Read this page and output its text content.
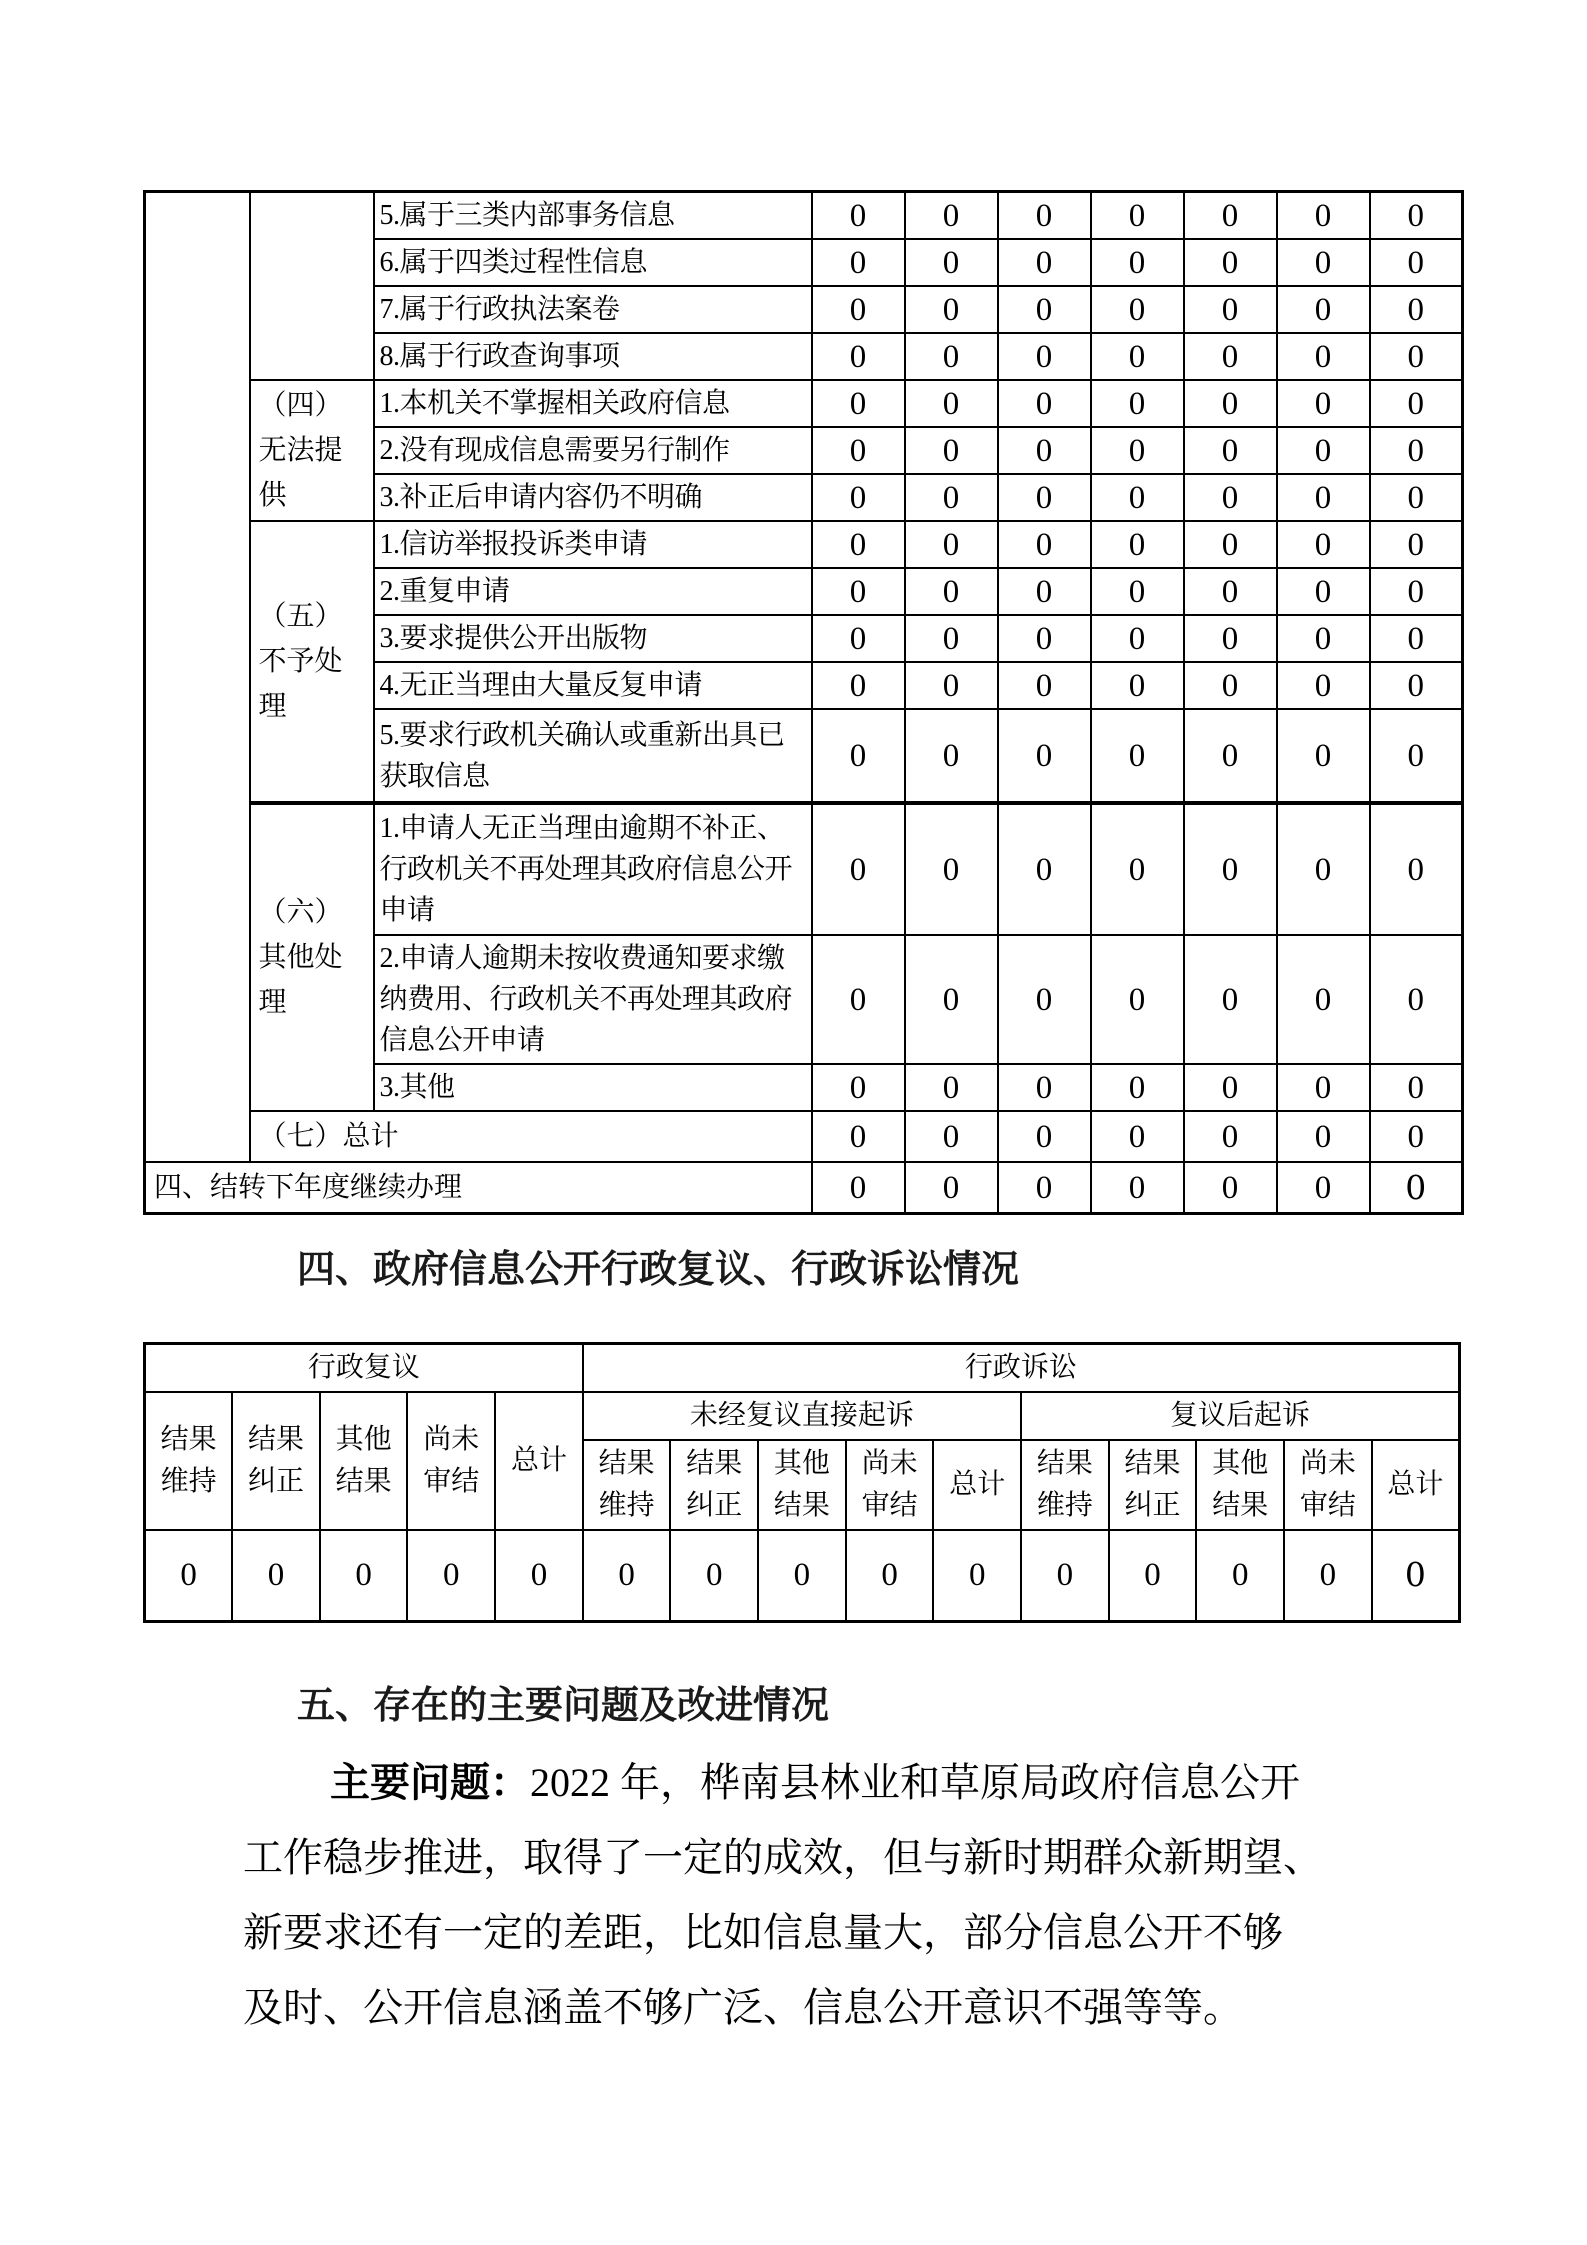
		5.属于三类内部事务信息	0	0	0	0	0	0	0
		6.属于四类过程性信息	0	0	0	0	0	0	0
		7.属于行政执法案卷	0	0	0	0	0	0	0
		8.属于行政查询事项	0	0	0	0	0	0	0
	（四）无法提供	1.本机关不掌握相关政府信息	0	0	0	0	0	0	0
		2.没有现成信息需要另行制作	0	0	0	0	0	0	0
		3.补正后申请内容仍不明确	0	0	0	0	0	0	0
	（五）不予处理	1.信访举报投诉类申请	0	0	0	0	0	0	0
		2.重复申请	0	0	0	0	0	0	0
		3.要求提供公开出版物	0	0	0	0	0	0	0
		4.无正当理由大量反复申请	0	0	0	0	0	0	0
		5.要求行政机关确认或重新出具已获取信息	0	0	0	0	0	0	0
	（六）其他处理	1.申请人无正当理由逾期不补正、行政机关不再处理其政府信息公开申请	0	0	0	0	0	0	0
		2.申请人逾期未按收费通知要求缴纳费用、行政机关不再处理其政府信息公开申请	0	0	0	0	0	0	0
		3.其他	0	0	0	0	0	0	0
	（七）总计		0	0	0	0	0	0	0
四、结转下年度继续办理			0	0	0	0	0	0	0
四、政府信息公开行政复议、行政诉讼情况
行政复议					行政诉讼									
结果维持	结果纠正	其他结果	尚未审结	总计	未经复议直接起诉					复议后起诉				
					结果维持	结果纠正	其他结果	尚未审结	总计	结果维持	结果纠正	其他结果	尚未审结	总计
0	0	0	0	0	0	0	0	0	0	0	0	0	0	0
五、存在的主要问题及改进情况
主要问题：2022 年，桦南县林业和草原局政府信息公开
工作稳步推进，取得了一定的成效，但与新时期群众新期望、
新要求还有一定的差距，比如信息量大，部分信息公开不够
及时、公开信息涵盖不够广泛、信息公开意识不强等等。
